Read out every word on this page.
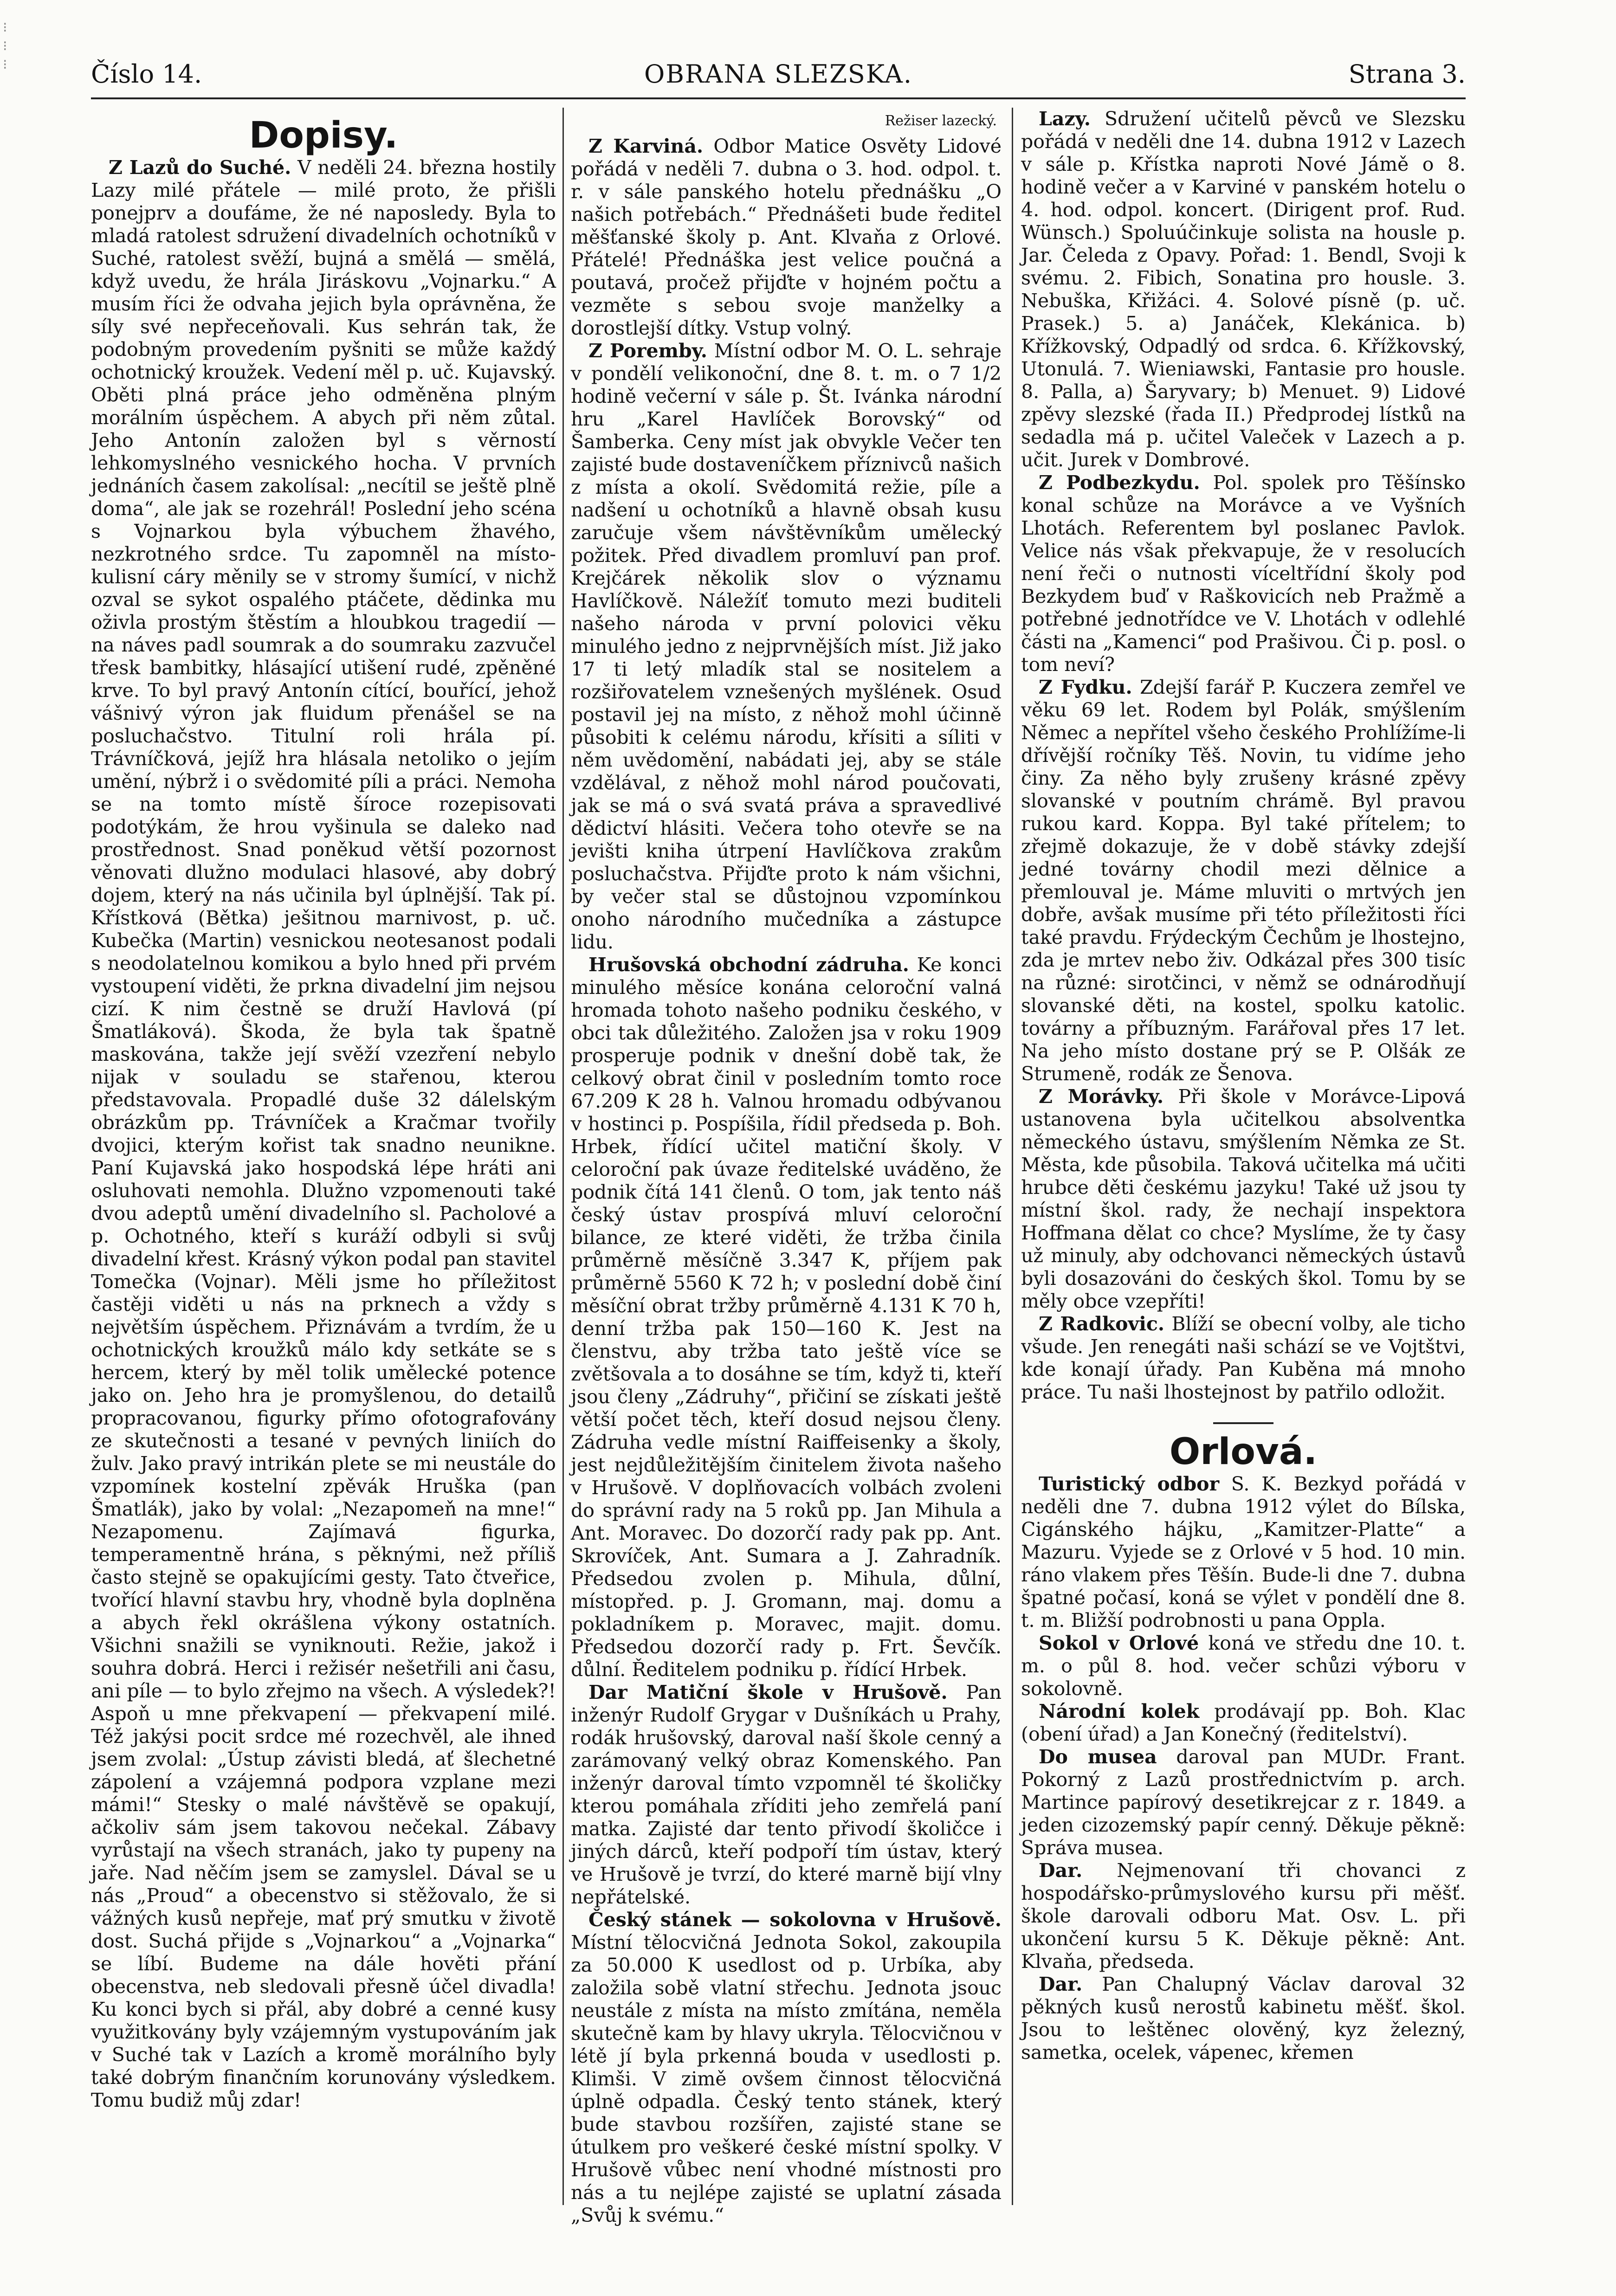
⁝
⁝
⁝	Číslo 14.	OBRANA SLEZSKA.	Strana 3.
Dopisy.

Z Lazů do Suché. V neděli 24. března hostily Lazy milé přátele — milé proto, že přišli ponejprv a doufáme, že né naposledy. Byla to mladá ratolest sdružení divadelních ochotníků v Suché, ratolest svěží, bujná a smělá — smělá, když uvedu, že hrála Jiráskovu „Vojnarku.“ A musím říci že odvaha jejich byla oprávněna, že síly své nepřeceňovali. Kus sehrán tak, že podobným provedením pyšniti se může každý ochotnický kroužek. Vedení měl p. uč. Kujavský. Oběti plná práce jeho odměněna plným morálním úspěchem. A abych při něm zůtal. Jeho Antonín založen byl s věrností lehkomyslného vesnického hocha. V prvních jednáních časem zakolísal: „necítil se ještě plně doma“, ale jak se rozehrál! Poslední jeho scéna s Vojnarkou byla výbuchem žhavého, nezkrotného srdce. Tu zapomněl na místo-kulisní cáry měnily se v stromy šumící, v nichž ozval se sykot ospalého ptáčete, dědinka mu oživla prostým štěstím a hloubkou tragedií — na náves padl soumrak a do soumraku zazvučel třesk bambitky, hlásající utišení rudé, zpěněné krve. To byl pravý Antonín cítící, bouřící, jehož vášnivý výron jak fluidum přenášel se na posluchačstvo. Titulní roli hrála pí. Trávníčková, jejíž hra hlásala netoliko o jejím umění, nýbrž i o svědomité píli a práci. Nemoha se na tomto místě šíroce rozepisovati podotýkám, že hrou vyšinula se daleko nad prostřednost. Snad poněkud větší pozornost věnovati dlužno modulaci hlasové, aby dobrý dojem, který na nás učinila byl úplnější. Tak pí. Křístková (Bětka) ješitnou marnivost, p. uč. Kubečka (Martin) vesnickou neotesanost podali s neodolatelnou komikou a bylo hned při prvém vystoupení viděti, že prkna divadelní jim nejsou cizí. K nim čestně se druží Havlová (pí Šmatláková). Škoda, že byla tak špatně maskována, takže její svěží vzezření nebylo nijak v souladu se stařenou, kterou představovala. Propadlé duše 32 dálelským obrázkům pp. Trávníček a Kračmar tvořily dvojici, kterým kořist tak snadno neunikne. Paní Kujavská jako hospodská lépe hráti ani osluhovati nemohla. Dlužno vzpomenouti také dvou adeptů umění divadelního sl. Pacholové a p. Ochotného, kteří s kuráží odbyli si svůj divadelní křest. Krásný výkon podal pan stavitel Tomečka (Vojnar). Měli jsme ho příležitost častěji viděti u nás na prknech a vždy s největším úspěchem. Přiznávám a tvrdím, že u ochotnických kroužků málo kdy setkáte se s hercem, který by měl tolik umělecké potence jako on. Jeho hra je promyšlenou, do detailů propracovanou, figurky přímo ofotografovány ze skutečnosti a tesané v pevných liniích do žulv. Jako pravý intrikán plete se mi neustále do vzpomínek kostelní zpěvák Hruška (pan Šmatlák), jako by volal: „Nezapomeň na mne!“ Nezapomenu. Zajímavá figurka, temperamentně hrána, s pěknými, než příliš často stejně se opakujícími gesty. Tato čtveřice, tvořící hlavní stavbu hry, vhodně byla doplněna a abych řekl okrášlena výkony ostatních. Všichni snažili se vyniknouti. Režie, jakož i souhra dobrá. Herci i režisér nešetřili ani času, ani píle — to bylo zřejmo na všech. A výsledek?! Aspoň u mne překvapení — překvapení milé. Též jakýsi pocit srdce mé rozechvěl, ale ihned jsem zvolal: „Ústup závisti bledá, ať šlechetné zápolení a vzájemná podpora vzplane mezi mámi!“ Stesky o malé návštěvě se opakují, ačkoliv sám jsem takovou nečekal. Zábavy vyrůstají na všech stranách, jako ty pupeny na jaře. Nad něčím jsem se zamyslel. Dával se u nás „Proud“ a obecenstvo si stěžovalo, že si vážných kusů nepřeje, mať prý smutku v životě dost. Suchá přijde s „Vojnarkou“ a „Vojnarka“ se líbí. Budeme na dále hověti přání obecenstva, neb sledovali přesně účel divadla! Ku konci bych si přál, aby dobré a cenné kusy využitkovány byly vzájemným vystupováním jak v Suché tak v Lazích a kromě morálního byly také dobrým finančním korunovány výsledkem. Tomu budiž můj zdar!

Režiser lazecký.

Z Karviná. Odbor Matice Osvěty Lidové pořádá v neděli 7. dubna o 3. hod. odpol. t. r. v sále panského hotelu přednášku „O našich potřebách.“ Přednášeti bude ředitel měšťanské školy p. Ant. Klvaňa z Orlové. Přátelé! Přednáška jest velice poučná a poutavá, pročež přijďte v hojném počtu a vezměte s sebou svoje manželky a dorostlejší dítky. Vstup volný.

Z Poremby. Místní odbor M. O. L. sehraje v pondělí velikonoční, dne 8. t. m. o 7 1/2 hodině večerní v sále p. Št. Ivánka národní hru „Karel Havlíček Borovský“ od Šamberka. Ceny míst jak obvykle Večer ten zajisté bude dostaveníčkem příznivců našich z místa a okolí. Svědomitá režie, píle a nadšení u ochotníků a hlavně obsah kusu zaručuje všem návštěvníkům umělecký požitek. Před divadlem promluví pan prof. Krejčárek několik slov o významu Havlíčkově. Náležíť tomuto mezi buditeli našeho národa v první polovici věku minulého jedno z nejprvnějších míst. Již jako 17 ti letý mladík stal se nositelem a rozšiřovatelem vznešených myšlének. Osud postavil jej na místo, z něhož mohl účinně působiti k celému národu, křísiti a síliti v něm uvědomění, nabádati jej, aby se stále vzdělával, z něhož mohl národ poučovati, jak se má o svá svatá práva a spravedlivé dědictví hlásiti. Večera toho otevře se na jevišti kniha útrpení Havlíčkova zrakům posluchačstva. Přijďte proto k nám všichni, by večer stal se důstojnou vzpomínkou onoho národního mučedníka a zástupce lidu.

Hrušovská obchodní zádruha. Ke konci minulého měsíce konána celoroční valná hromada tohoto našeho podniku českého, v obci tak důležitého. Založen jsa v roku 1909 prosperuje podnik v dnešní době tak, že celkový obrat činil v posledním tomto roce 67.209 K 28 h. Valnou hromadu odbývanou v hostinci p. Pospíšila, řídil předseda p. Boh. Hrbek, řídící učitel matiční školy. V celoroční pak úvaze ředitelské uváděno, že podnik čítá 141 členů. O tom, jak tento náš český ústav prospívá mluví celoroční bilance, ze které viděti, že tržba činila průměrně měsíčně 3.347 K, příjem pak průměrně 5560 K 72 h; v poslední době činí měsíční obrat tržby průměrně 4.131 K 70 h, denní tržba pak 150—160 K. Jest na členstvu, aby tržba tato ještě více se zvětšovala a to dosáhne se tím, když ti, kteří jsou členy „Zádruhy“, přičiní se získati ještě větší počet těch, kteří dosud nejsou členy. Zádruha vedle místní Raiffeisenky a školy, jest nejdůležitějším činitelem života našeho v Hrušově. V doplňovacích volbách zvoleni do správní rady na 5 roků pp. Jan Mihula a Ant. Moravec. Do dozorčí rady pak pp. Ant. Skrovíček, Ant. Sumara a J. Zahradník. Předsedou zvolen p. Mihula, důlní, místopřed. p. J. Gromann, maj. domu a pokladníkem p. Moravec, majit. domu. Předsedou dozorčí rady p. Frt. Ševčík. důlní. Ředitelem podniku p. řídící Hrbek.

Dar Matiční škole v Hrušově. Pan inženýr Rudolf Grygar v Dušníkách u Prahy, rodák hrušovský, daroval naší škole cenný a zarámovaný velký obraz Komenského. Pan inženýr daroval tímto vzpomněl té školičky kterou pomáhala zříditi jeho zemřelá paní matka. Zajisté dar tento přivodí školičce i jiných dárců, kteří podpoří tím ústav, který ve Hrušově je tvrzí, do které marně bijí vlny nepřátelské.

Český stánek — sokolovna v Hrušově. Místní tělocvičná Jednota Sokol, zakoupila za 50.000 K usedlost od p. Urbíka, aby založila sobě vlatní střechu. Jednota jsouc neustále z místa na místo zmítána, neměla skutečně kam by hlavy ukryla. Tělocvičnou v létě jí byla prkenná bouda v usedlosti p. Klimši. V zimě ovšem činnost tělocvičná úplně odpadla. Český tento stánek, který bude stavbou rozšířen, zajisté stane se útulkem pro veškeré české místní spolky. V Hrušově vůbec není vhodné místnosti pro nás a tu nejlépe zajisté se uplatní zásada „Svůj k svému.“

Lazy. Sdružení učitelů pěvců ve Slezsku pořádá v neděli dne 14. dubna 1912 v Lazech v sále p. Křístka naproti Nové Jámě o 8. hodině večer a v Karviné v panském hotelu o 4. hod. odpol. koncert. (Dirigent prof. Rud. Wünsch.) Spoluúčinkuje solista na housle p. Jar. Čeleda z Opavy. Pořad: 1. Bendl, Svoji k svému. 2. Fibich, Sonatina pro housle. 3. Nebuška, Křižáci. 4. Solové písně (p. uč. Prasek.) 5. a) Janáček, Klekánica. b) Křížkovský, Odpadlý od srdca. 6. Křížkovský, Utonulá. 7. Wieniawski, Fantasie pro housle. 8. Palla, a) Šaryvary; b) Menuet. 9) Lidové zpěvy slezské (řada II.) Předprodej lístků na sedadla má p. učitel Valeček v Lazech a p. učit. Jurek v Dombrové.

Z Podbezkydu. Pol. spolek pro Těšínsko konal schůze na Morávce a ve Vyšních Lhotách. Referentem byl poslanec Pavlok. Velice nás však překvapuje, že v resolucích není řeči o nutnosti víceltřídní školy pod Bezkydem buď v Raškovicích neb Pražmě a potřebné jednotřídce ve V. Lhotách v odlehlé části na „Kamenci“ pod Prašivou. Či p. posl. o tom neví?

Z Fydku. Zdejší farář P. Kuczera zemřel ve věku 69 let. Rodem byl Polák, smýšlením Němec a nepřítel všeho českého Prohlížíme-li dřívější ročníky Těš. Novin, tu vidíme jeho činy. Za něho byly zrušeny krásné zpěvy slovanské v poutním chrámě. Byl pravou rukou kard. Koppa. Byl také přítelem; to zřejmě dokazuje, že v době stávky zdejší jedné továrny chodil mezi dělnice a přemlouval je. Máme mluviti o mrtvých jen dobře, avšak musíme při této příležitosti říci také pravdu. Frýdeckým Čechům je lhostejno, zda je mrtev nebo živ. Odkázal přes 300 tisíc na různé: sirotčinci, v němž se odnárodňují slovanské děti, na kostel, spolku katolic. továrny a příbuzným. Farářoval přes 17 let. Na jeho místo dostane prý se P. Olšák ze Strumeně, rodák ze Šenova.

Z Morávky. Při škole v Morávce-Lipová ustanovena byla učitelkou absolventka německého ústavu, smýšlením Němka ze St. Města, kde působila. Taková učitelka má učiti hrubce děti českému jazyku! Také už jsou ty místní škol. rady, že nechají inspektora Hoffmana dělat co chce? Myslíme, že ty časy už minuly, aby odchovanci německých ústavů byli dosazováni do českých škol. Tomu by se měly obce vzepříti!

Z Radkovic. Blíží se obecní volby, ale ticho všude. Jen renegáti naši schází se ve Vojtštvi, kde konají úřady. Pan Kuběna má mnoho práce. Tu naši lhostejnost by patřilo odložit.

Orlová.

Turistický odbor S. K. Bezkyd pořádá v neděli dne 7. dubna 1912 výlet do Bílska, Cigánského hájku, „Kamitzer-Platte“ a Mazuru. Vyjede se z Orlové v 5 hod. 10 min. ráno vlakem přes Těšín. Bude-li dne 7. dubna špatné počasí, koná se výlet v pondělí dne 8. t. m. Bližší podrobnosti u pana Oppla.

Sokol v Orlové koná ve středu dne 10. t. m. o půl 8. hod. večer schůzi výboru v sokolovně.

Národní kolek prodávají pp. Boh. Klac (obení úřad) a Jan Konečný (ředitelství).

Do musea daroval pan MUDr. Frant. Pokorný z Lazů prostřednictvím p. arch. Martince papírový desetikrejcar z r. 1849. a jeden cizozemský papír cenný. Děkuje pěkně: Správa musea.

Dar. Nejmenovaní tři chovanci z hospodářsko-průmyslového kursu při měšť. škole darovali odboru Mat. Osv. L. při ukončení kursu 5 K. Děkuje pěkně: Ant. Klvaňa, předseda.

Dar. Pan Chalupný Václav daroval 32 pěkných kusů nerostů kabinetu měšť. škol. Jsou to leštěnec olověný, kyz železný, sametka, ocelek, vápenec, křemen
